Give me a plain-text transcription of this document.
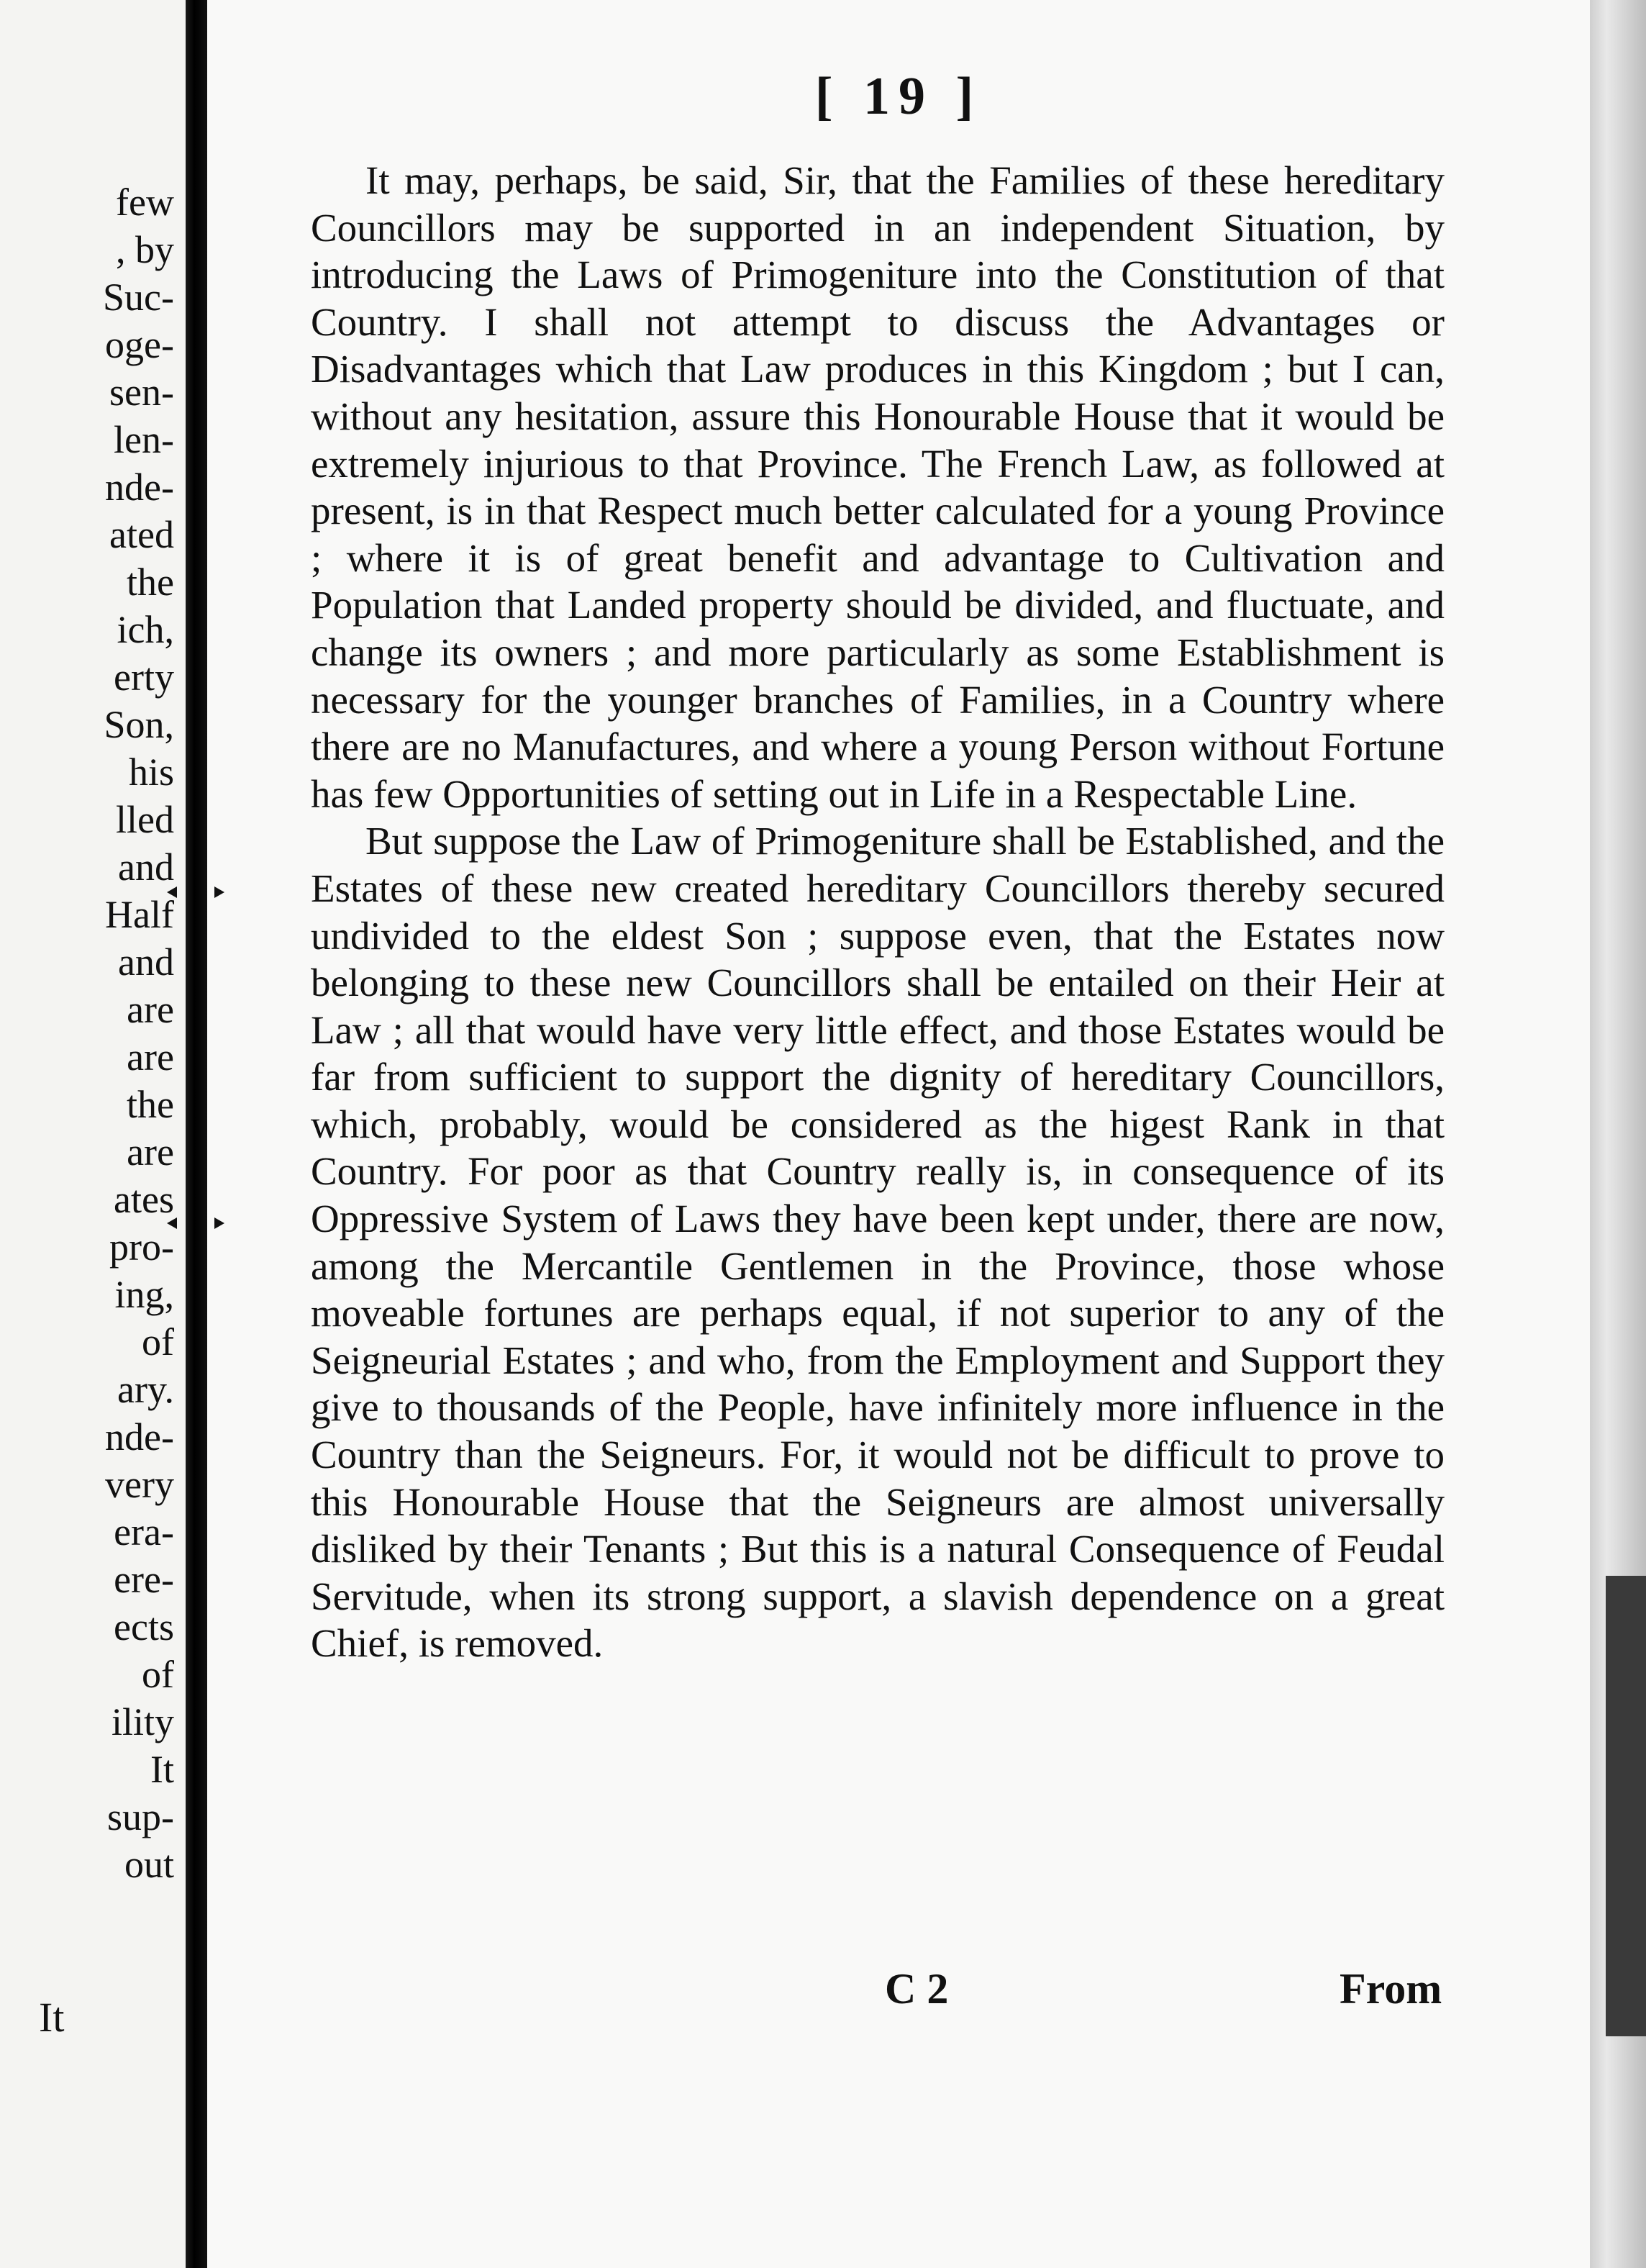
few
, by
Suc-
oge-
sen-
len-
nde-
ated
the
ich,
erty
Son,
his
lled
and
Half
and
are
are
the
are
ates
pro-
ing,
of
ary.
nde-
very
era-
ere-
ects
of
ility
It
sup-
out
It
[ 19 ]

It may, perhaps, be said, Sir, that the Families of these hereditary Councillors may be supported in an independent Situation, by introducing the Laws of Primogeniture into the Constitution of that Country. I shall not attempt to discuss the Advantages or Disadvantages which that Law produces in this Kingdom ; but I can, without any hesitation, assure this Honourable House that it would be extremely injurious to that Province. The French Law, as followed at present, is in that Respect much better calculated for a young Province ; where it is of great benefit and advantage to Cultivation and Population that Landed property should be divided, and fluctuate, and change its owners ; and more particularly as some Establishment is necessary for the younger branches of Families, in a Country where there are no Manufactures, and where a young Person without Fortune has few Opportunities of setting out in Life in a Respectable Line.

But suppose the Law of Primogeniture shall be Established, and the Estates of these new created hereditary Councillors thereby secured undivided to the eldest Son ; suppose even, that the Estates now belonging to these new Councillors shall be entailed on their Heir at Law ; all that would have very little effect, and those Estates would be far from sufficient to support the dignity of hereditary Councillors, which, probably, would be considered as the higest Rank in that Country. For poor as that Country really is, in consequence of its Oppressive System of Laws they have been kept under, there are now, among the Mercantile Gentlemen in the Province, those whose moveable fortunes are perhaps equal, if not superior to any of the Seigneurial Estates ; and who, from the Employment and Support they give to thousands of the People, have infinitely more influence in the Country than the Seigneurs. For, it would not be difficult to prove to this Honourable House that the Seigneurs are almost universally disliked by their Tenants ; But this is a natural Consequence of Feudal Servitude, when its strong support, a slavish dependence on a great Chief, is removed.

C 2	From
